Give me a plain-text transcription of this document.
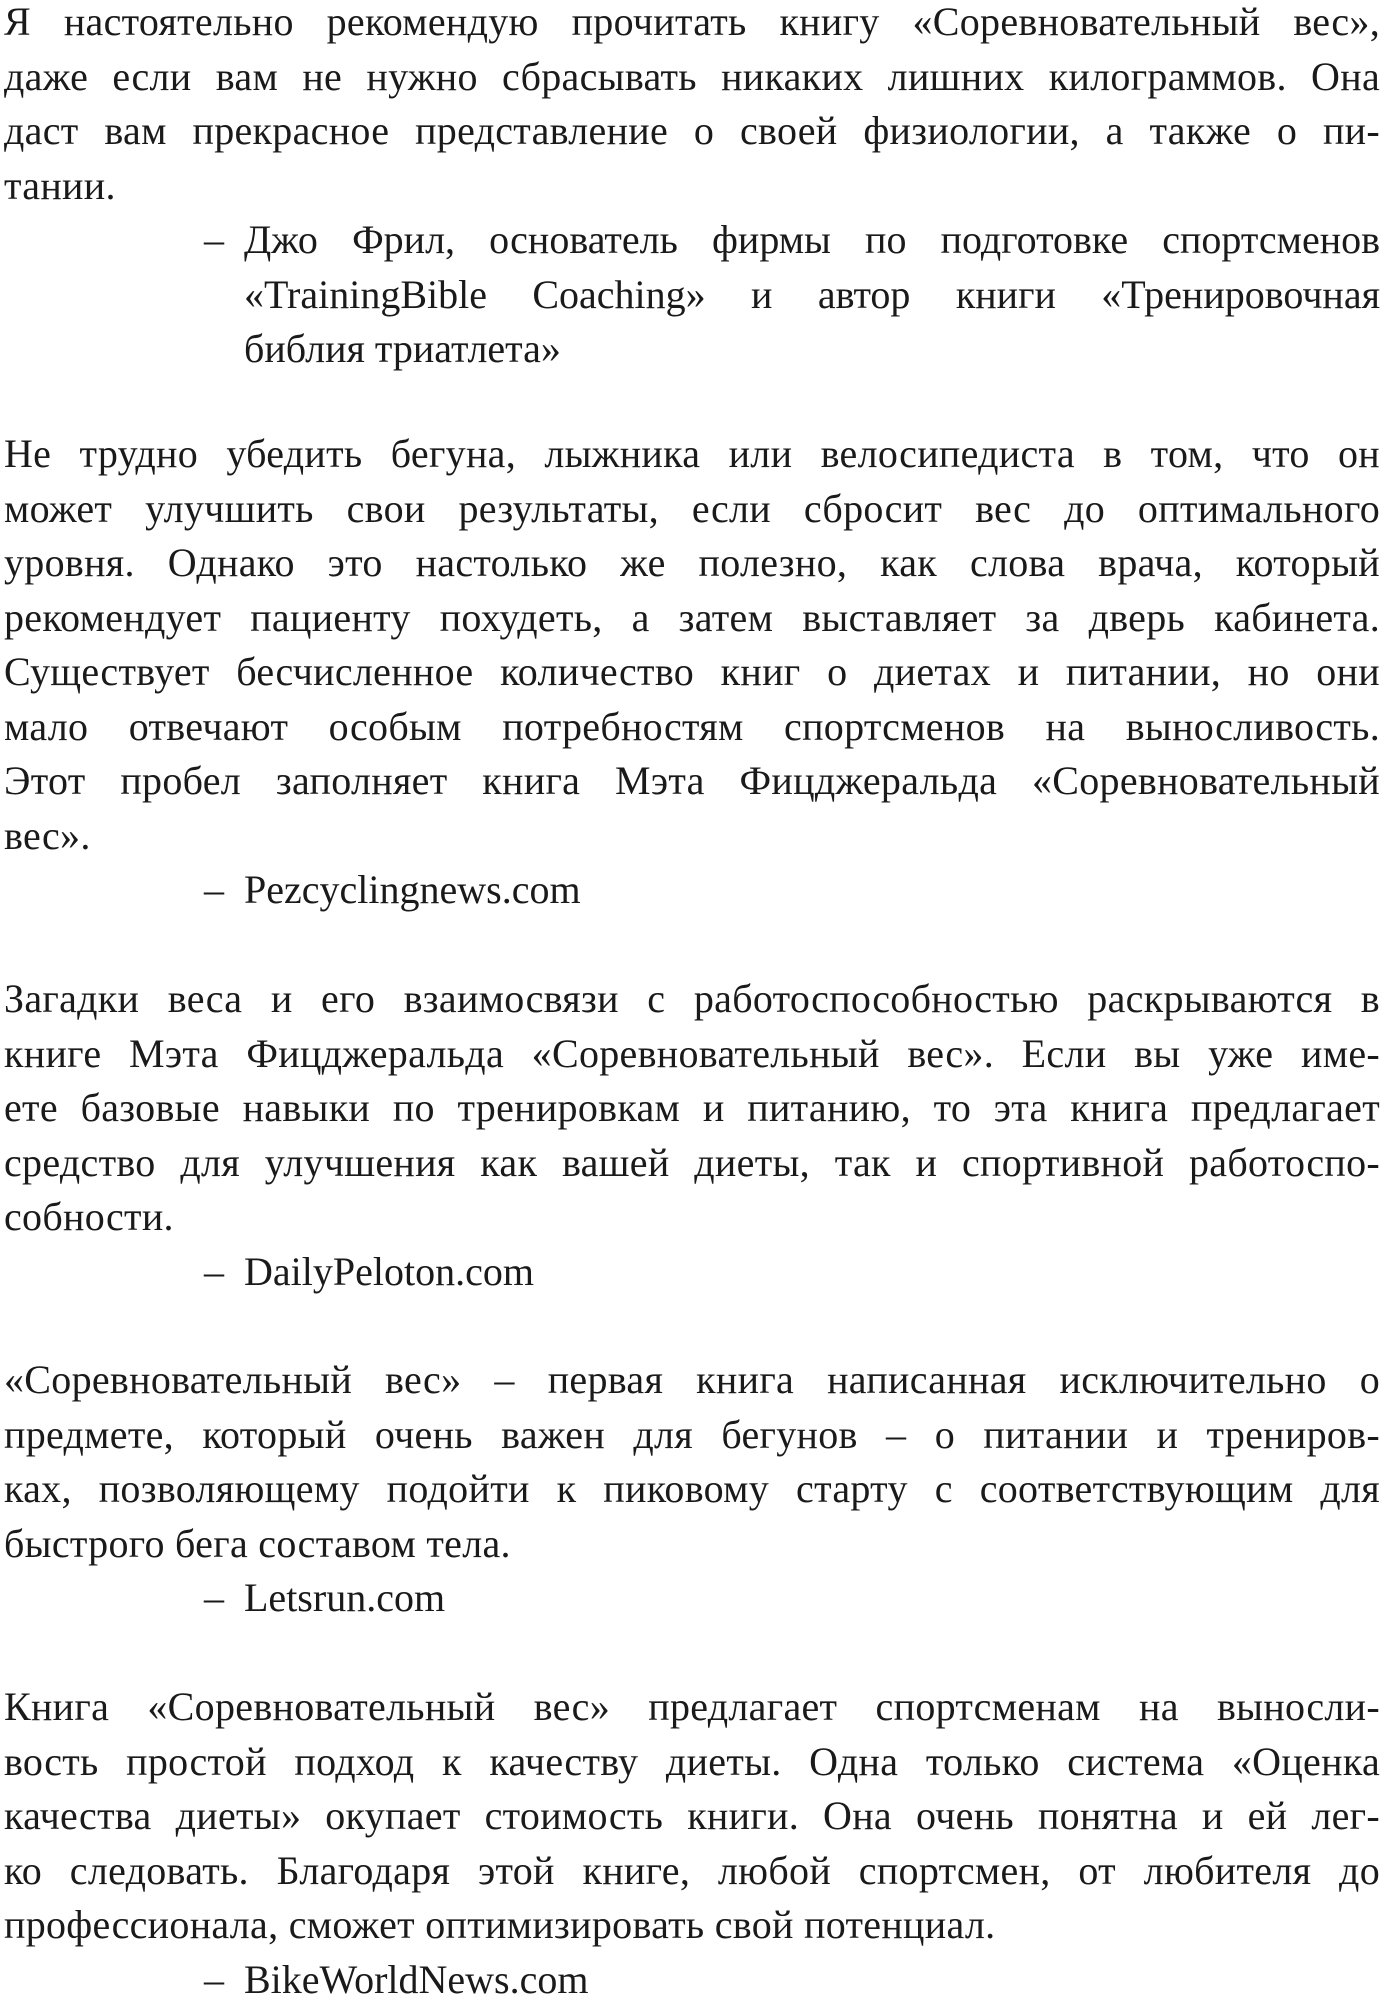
Я настоятельно рекомендую прочитать книгу «Соревновательный вес»,
даже если вам не нужно сбрасывать никаких лишних килограммов. Она
даст вам прекрасное представление о своей физиологии, а также о пи-
тании.
– Джо Фрил, основатель фирмы по подготовке спортсменов
«TrainingBible Coaching» и автор книги «Тренировочная
библия триатлета»
Не трудно убедить бегуна, лыжника или велосипедиста в том, что он
может улучшить свои результаты, если сбросит вес до оптимального
уровня. Однако это настолько же полезно, как слова врача, который
рекомендует пациенту похудеть, а затем выставляет за дверь кабинета.
Существует бесчисленное количество книг о диетах и питании, но они
мало отвечают особым потребностям спортсменов на выносливость.
Этот пробел заполняет книга Мэта Фицджеральда «Соревновательный
вес».
– Pezcyclingnews.com
Загадки веса и его взаимосвязи с работоспособностью раскрываются в
книге Мэта Фицджеральда «Соревновательный вес». Если вы уже име-
ете базовые навыки по тренировкам и питанию, то эта книга предлагает
средство для улучшения как вашей диеты, так и спортивной работоспо-
собности.
– DailyPeloton.com
«Соревновательный вес» – первая книга написанная исключительно о
предмете, который очень важен для бегунов – о питании и трениров-
ках, позволяющему подойти к пиковому старту с соответствующим для
быстрого бега составом тела.
– Letsrun.com
Книга «Соревновательный вес» предлагает спортсменам на выносли-
вость простой подход к качеству диеты. Одна только система «Оценка
качества диеты» окупает стоимость книги. Она очень понятна и ей лег-
ко следовать. Благодаря этой книге, любой спортсмен, от любителя до
профессионала, сможет оптимизировать свой потенциал.
– BikeWorldNews.com
